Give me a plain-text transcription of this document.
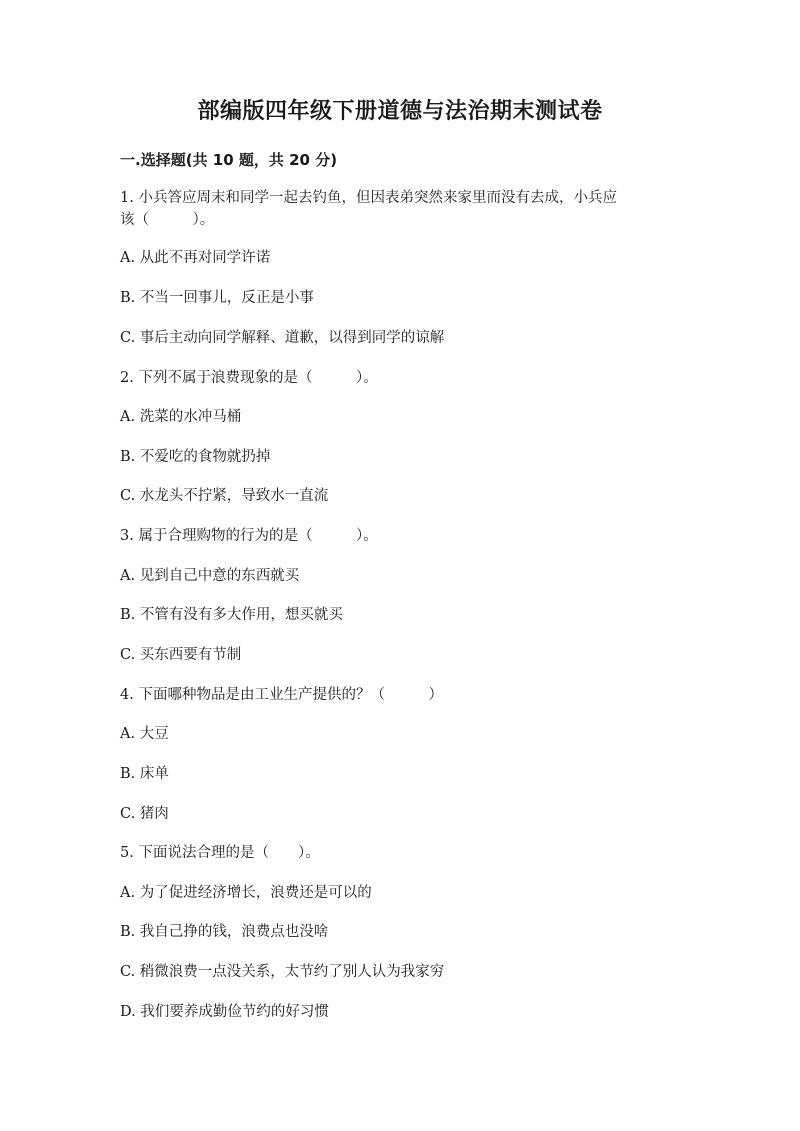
部编版四年级下册道德与法治期末测试卷
一.选择题(共 10 题，共 20 分)
1. 小兵答应周末和同学一起去钓鱼，但因表弟突然来家里而没有去成，小兵应
该（　　　）。
A. 从此不再对同学许诺
B. 不当一回事儿，反正是小事
C. 事后主动向同学解释、道歉，以得到同学的谅解
2. 下列不属于浪费现象的是（　　　）。
A. 洗菜的水冲马桶
B. 不爱吃的食物就扔掉
C. 水龙头不拧紧，导致水一直流
3. 属于合理购物的行为的是（　　　）。
A. 见到自己中意的东西就买
B. 不管有没有多大作用，想买就买
C. 买东西要有节制
4. 下面哪种物品是由工业生产提供的？（　　　）
A. 大豆
B. 床单
C. 猪肉
5. 下面说法合理的是（　　）。
A. 为了促进经济增长，浪费还是可以的
B. 我自己挣的钱，浪费点也没啥
C. 稍微浪费一点没关系，太节约了别人认为我家穷
D. 我们要养成勤俭节约的好习惯
